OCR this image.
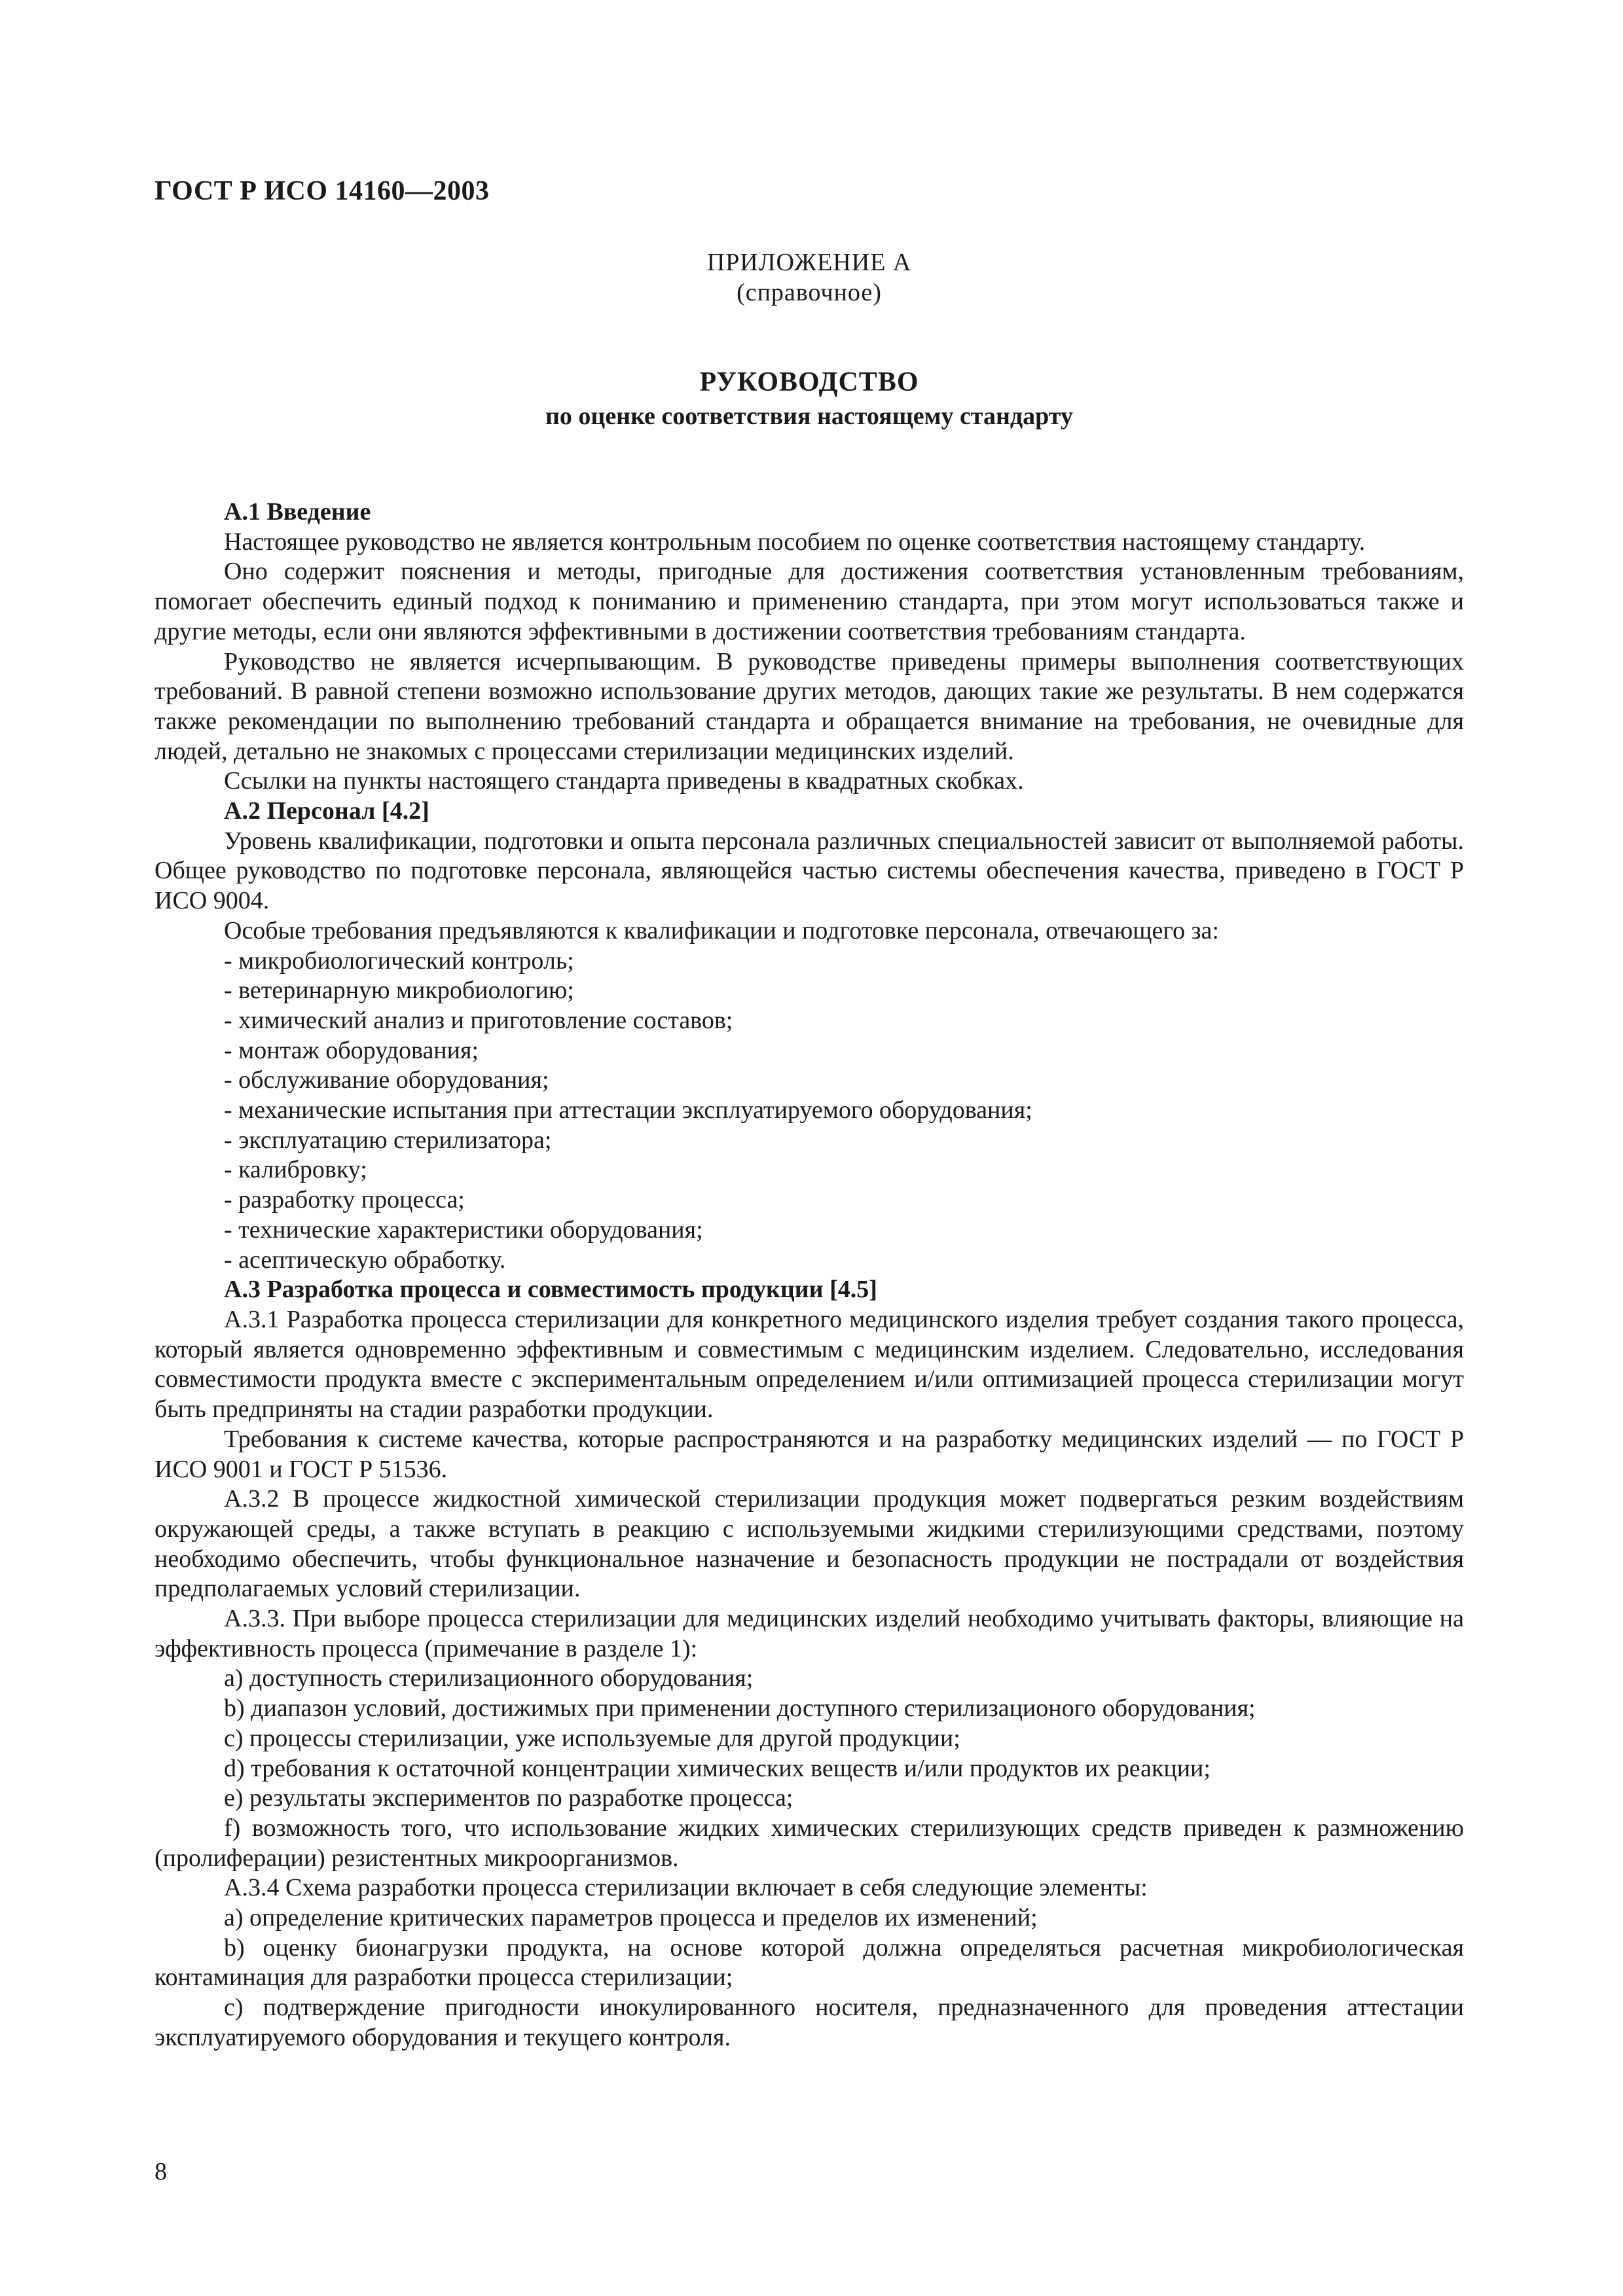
ГОСТ Р ИСО 14160—2003
ПРИЛОЖЕНИЕ А
(справочное)
РУКОВОДСТВО
по оценке соответствия настоящему стандарту

А.1 Введение

Настоящее руководство не является контрольным пособием по оценке соответствия настоящему стандарту.

Оно содержит пояснения и методы, пригодные для достижения соответствия установленным требованиям, помогает обеспечить единый подход к пониманию и применению стандарта, при этом могут использоваться также и другие методы, если они являются эффективными в достижении соответствия требованиям стандарта.

Руководство не является исчерпывающим. В руководстве приведены примеры выполнения соответствующих требований. В равной степени возможно использование других методов, дающих такие же результаты. В нем содержатся также рекомендации по выполнению требований стандарта и обращается внимание на требования, не очевидные для людей, детально не знакомых с процессами стерилизации медицинских изделий.

Ссылки на пункты настоящего стандарта приведены в квадратных скобках.

А.2 Персонал [4.2]

Уровень квалификации, подготовки и опыта персонала различных специальностей зависит от выполняемой работы. Общее руководство по подготовке персонала, являющейся частью системы обеспечения качества, приведено в ГОСТ Р ИСО 9004.

Особые требования предъявляются к квалификации и подготовке персонала, отвечающего за:

- микробиологический контроль;

- ветеринарную микробиологию;

- химический анализ и приготовление составов;

- монтаж оборудования;

- обслуживание оборудования;

- механические испытания при аттестации эксплуатируемого оборудования;

- эксплуатацию стерилизатора;

- калибровку;

- разработку процесса;

- технические характеристики оборудования;

- асептическую обработку.

А.3 Разработка процесса и совместимость продукции [4.5]

А.3.1 Разработка процесса стерилизации для конкретного медицинского изделия требует создания такого процесса, который является одновременно эффективным и совместимым с медицинским изделием. Следовательно, исследования совместимости продукта вместе с экспериментальным определением и/или оптимизацией процесса стерилизации могут быть предприняты на стадии разработки продукции.

Требования к системе качества, которые распространяются и на разработку медицинских изделий — по ГОСТ Р ИСО 9001 и ГОСТ Р 51536.

А.3.2 В процессе жидкостной химической стерилизации продукция может подвергаться резким воздействиям окружающей среды, а также вступать в реакцию с используемыми жидкими стерилизующими средствами, поэтому необходимо обеспечить, чтобы функциональное назначение и безопасность продукции не пострадали от воздействия предполагаемых условий стерилизации.

А.3.3. При выборе процесса стерилизации для медицинских изделий необходимо учитывать факторы, влияющие на эффективность процесса (примечание в разделе 1):

a) доступность стерилизационного оборудования;

b) диапазон условий, достижимых при применении доступного стерилизационого оборудования;

c) процессы стерилизации, уже используемые для другой продукции;

d) требования к остаточной концентрации химических веществ и/или продуктов их реакции;

e) результаты экспериментов по разработке процесса;

f) возможность того, что использование жидких химических стерилизующих средств приведен к размножению (пролиферации) резистентных микроорганизмов.

А.3.4 Схема разработки процесса стерилизации включает в себя следующие элементы:

a) определение критических параметров процесса и пределов их изменений;

b) оценку бионагрузки продукта, на основе которой должна определяться расчетная микробиологическая контаминация для разработки процесса стерилизации;

c) подтверждение пригодности инокулированного носителя, предназначенного для проведения аттестации эксплуатируемого оборудования и текущего контроля.

8
